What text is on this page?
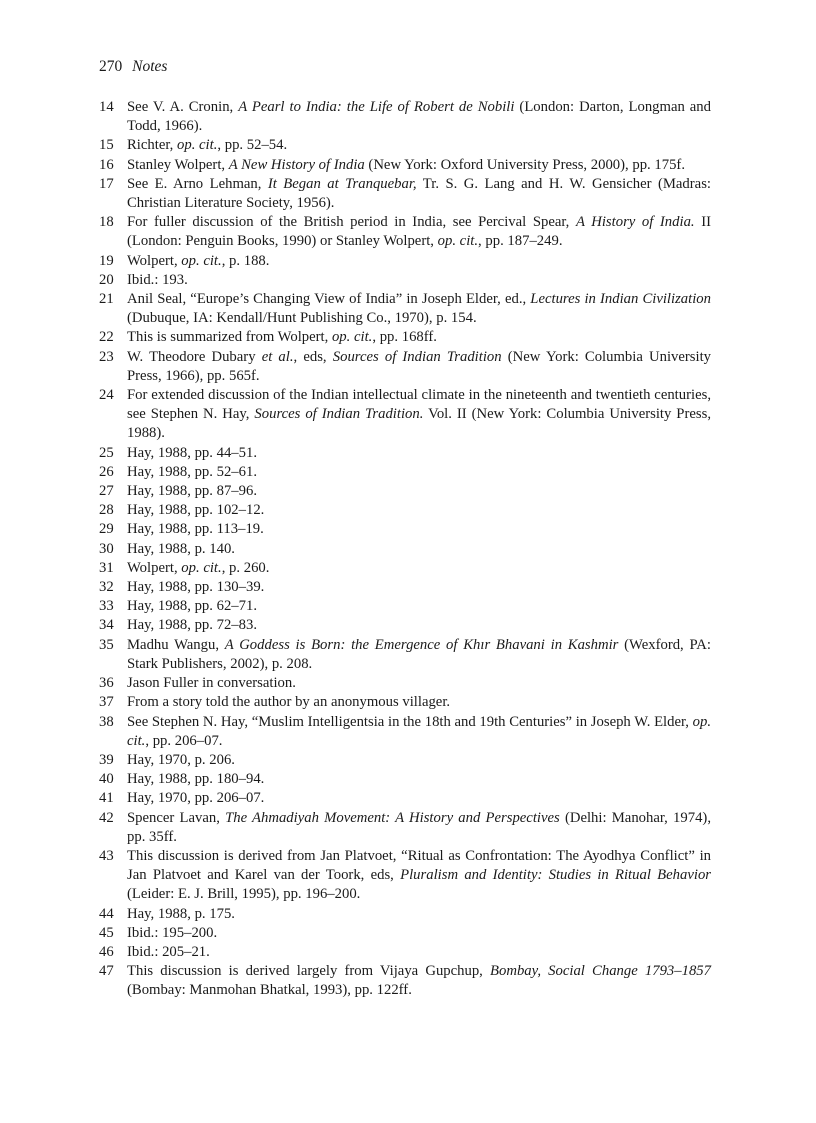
270 Notes
14 See V. A. Cronin, A Pearl to India: the Life of Robert de Nobili (London: Darton, Longman and Todd, 1966).
15 Richter, op. cit., pp. 52–54.
16 Stanley Wolpert, A New History of India (New York: Oxford University Press, 2000), pp. 175f.
17 See E. Arno Lehman, It Began at Tranquebar, Tr. S. G. Lang and H. W. Gensicher (Madras: Christian Literature Society, 1956).
18 For fuller discussion of the British period in India, see Percival Spear, A History of India. II (London: Penguin Books, 1990) or Stanley Wolpert, op. cit., pp. 187–249.
19 Wolpert, op. cit., p. 188.
20 Ibid.: 193.
21 Anil Seal, “Europe’s Changing View of India” in Joseph Elder, ed., Lectures in Indian Civilization (Dubuque, IA: Kendall/Hunt Publishing Co., 1970), p. 154.
22 This is summarized from Wolpert, op. cit., pp. 168ff.
23 W. Theodore Dubary et al., eds, Sources of Indian Tradition (New York: Columbia University Press, 1966), pp. 565f.
24 For extended discussion of the Indian intellectual climate in the nineteenth and twentieth centuries, see Stephen N. Hay, Sources of Indian Tradition. Vol. II (New York: Columbia University Press, 1988).
25 Hay, 1988, pp. 44–51.
26 Hay, 1988, pp. 52–61.
27 Hay, 1988, pp. 87–96.
28 Hay, 1988, pp. 102–12.
29 Hay, 1988, pp. 113–19.
30 Hay, 1988, p. 140.
31 Wolpert, op. cit., p. 260.
32 Hay, 1988, pp. 130–39.
33 Hay, 1988, pp. 62–71.
34 Hay, 1988, pp. 72–83.
35 Madhu Wangu, A Goddess is Born: the Emergence of Khır Bhavani in Kashmir (Wexford, PA: Stark Publishers, 2002), p. 208.
36 Jason Fuller in conversation.
37 From a story told the author by an anonymous villager.
38 See Stephen N. Hay, “Muslim Intelligentsia in the 18th and 19th Centuries” in Joseph W. Elder, op. cit., pp. 206–07.
39 Hay, 1970, p. 206.
40 Hay, 1988, pp. 180–94.
41 Hay, 1970, pp. 206–07.
42 Spencer Lavan, The Ahmadiyah Movement: A History and Perspectives (Delhi: Manohar, 1974), pp. 35ff.
43 This discussion is derived from Jan Platvoet, “Ritual as Confrontation: The Ayodhya Conflict” in Jan Platvoet and Karel van der Toork, eds, Pluralism and Identity: Studies in Ritual Behavior (Leider: E. J. Brill, 1995), pp. 196–200.
44 Hay, 1988, p. 175.
45 Ibid.: 195–200.
46 Ibid.: 205–21.
47 This discussion is derived largely from Vijaya Gupchup, Bombay, Social Change 1793–1857 (Bombay: Manmohan Bhatkal, 1993), pp. 122ff.
